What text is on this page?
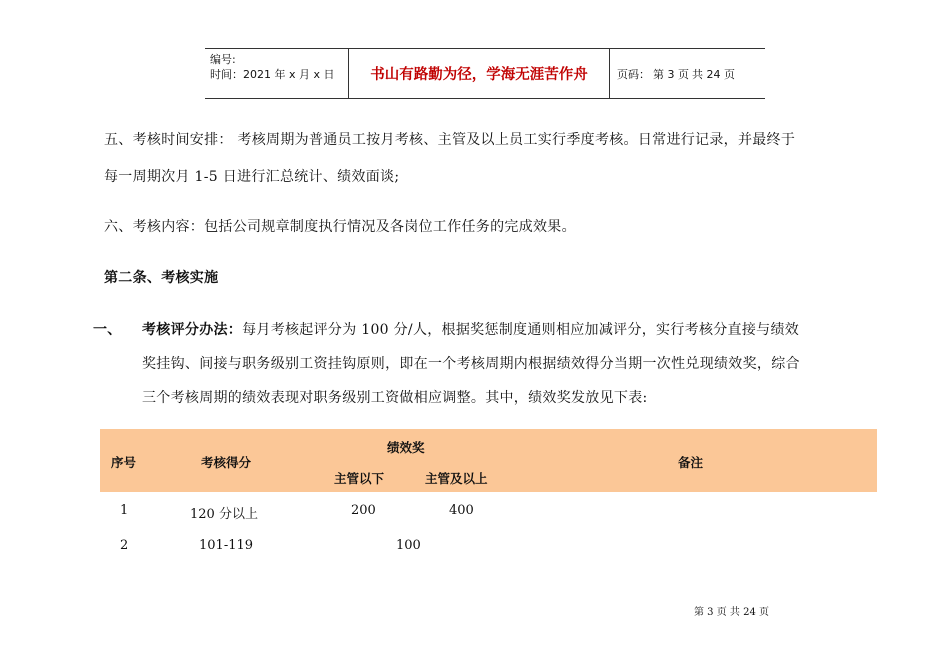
编号:
时间：2021 年 x 月 x 日	书山有路勤为径，学海无涯苦作舟	页码： 第 3 页 共 24 页
五、考核时间安排： 考核周期为普通员工按月考核、主管及以上员工实行季度考核。日常进行记录，并最终于
每一周期次月 1-5 日进行汇总统计、绩效面谈;
六、考核内容：包括公司规章制度执行情况及各岗位工作任务的完成效果。
第二条、考核实施
一、 考核评分办法：每月考核起评分为 100 分/人，根据奖惩制度通则相应加减评分，实行考核分直接与绩效
奖挂钩、间接与职务级别工资挂钩原则，即在一个考核周期内根据绩效得分当期一次性兑现绩效奖，综合
三个考核周期的绩效表现对职务级别工资做相应调整。其中，绩效奖发放见下表:
序号	考核得分
绩效奖
主管以下	主管及以上
备注
1	120 分以上	200	400
2	101-119	100
第 3 页 共 24 页
